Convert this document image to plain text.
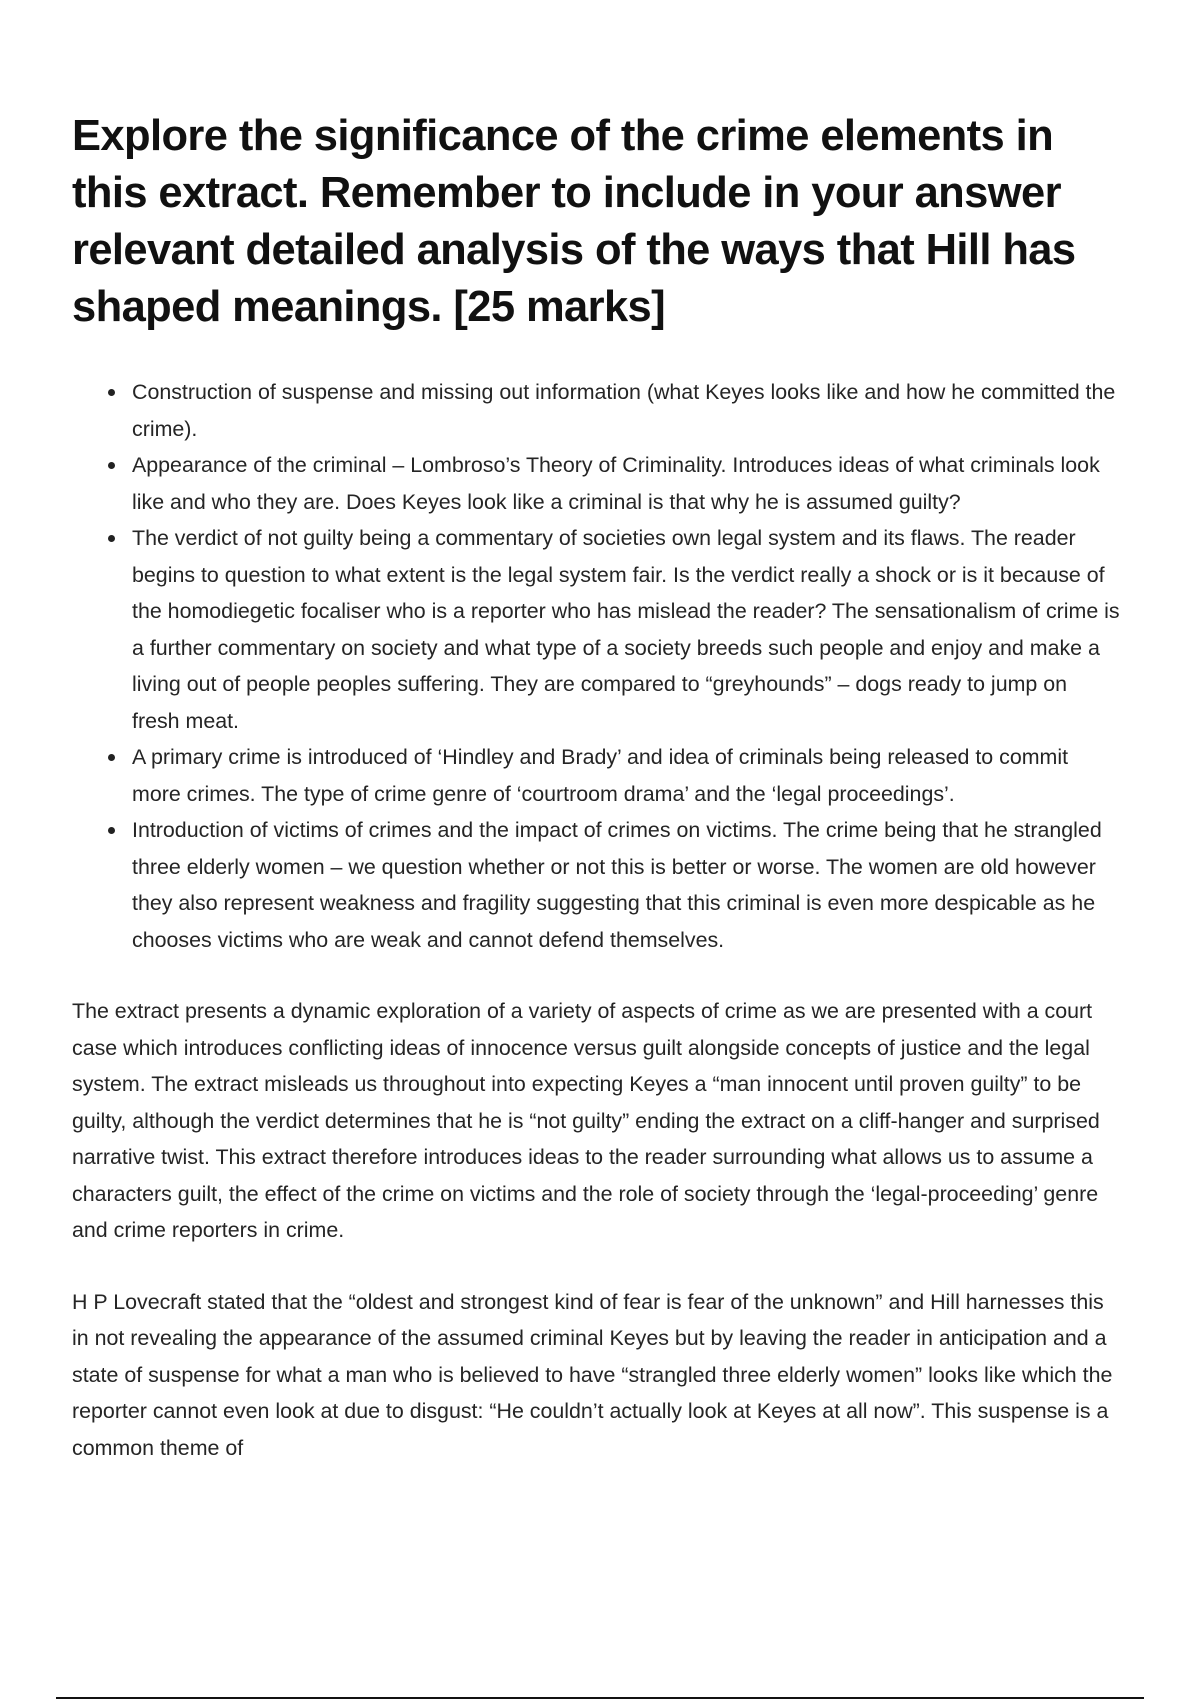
Explore the significance of the crime elements in this extract. Remember to include in your answer relevant detailed analysis of the ways that Hill has shaped meanings. [25 marks]
Construction of suspense and missing out information (what Keyes looks like and how he committed the crime).
Appearance of the criminal – Lombroso’s Theory of Criminality. Introduces ideas of what criminals look like and who they are. Does Keyes look like a criminal is that why he is assumed guilty?
The verdict of not guilty being a commentary of societies own legal system and its flaws. The reader begins to question to what extent is the legal system fair. Is the verdict really a shock or is it because of the homodiegetic focaliser who is a reporter who has mislead the reader? The sensationalism of crime is a further commentary on society and what type of a society breeds such people and enjoy and make a living out of people peoples suffering. They are compared to “greyhounds” – dogs ready to jump on fresh meat.
A primary crime is introduced of ‘Hindley and Brady’ and idea of criminals being released to commit more crimes. The type of crime genre of ‘courtroom drama’ and the ‘legal proceedings’.
Introduction of victims of crimes and the impact of crimes on victims. The crime being that he strangled three elderly women – we question whether or not this is better or worse. The women are old however they also represent weakness and fragility suggesting that this criminal is even more despicable as he chooses victims who are weak and cannot defend themselves.

The extract presents a dynamic exploration of a variety of aspects of crime as we are presented with a court case which introduces conflicting ideas of innocence versus guilt alongside concepts of justice and the legal system. The extract misleads us throughout into expecting Keyes a “man innocent until proven guilty” to be guilty, although the verdict determines that he is “not guilty” ending the extract on a cliff-hanger and surprised narrative twist. This extract therefore introduces ideas to the reader surrounding what allows us to assume a characters guilt, the effect of the crime on victims and the role of society through the ‘legal-proceeding’ genre and crime reporters in crime.

H P Lovecraft stated that the “oldest and strongest kind of fear is fear of the unknown” and Hill harnesses this in not revealing the appearance of the assumed criminal Keyes but by leaving the reader in anticipation and a state of suspense for what a man who is believed to have “strangled three elderly women” looks like which the reporter cannot even look at due to disgust: “He couldn’t actually look at Keyes at all now”. This suspense is a common theme of
